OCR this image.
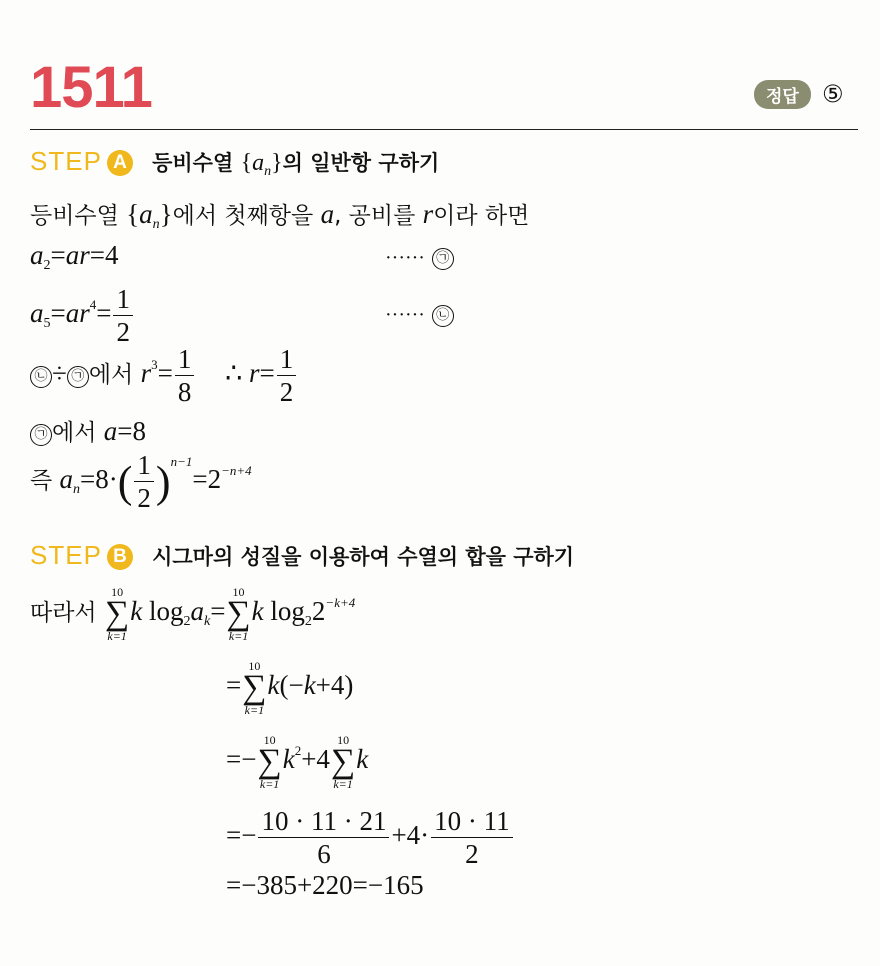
1511	정답 ⑤
STEP A 등비수열 $\{a_n\}$의 일반항 구하기
등비수열 $\{a_n\}$에서 첫째항을 a, 공비를 r이라 하면
$a_2=ar=4$	······ ㉠
$a_5=ar^4= \frac{1}{2}$	······ ㉡
㉡ ÷ ㉠ 에서 $r^3= \frac{1}{8}$ ∴ $r= \frac{1}{2}$
㉠ 에서 a=8
즉 $a_n=8\cdot( \frac{1}{2} )^{n-1}=2^{-n+4}$
STEP B 시그마의 성질을 이용하여 수열의 합을 구하기
따라서
10
∑
k=1
k $\log_2a_k=$
10
∑
k=1
k $\log_22^{-k+4}$
=
10
∑
k=1
k(−k+4)
=−
10
∑
k=1
$k^2+4$
10
∑
k=1
k
=− $\frac{10 \cdot 11 \cdot 21}{6} +4\cdot \frac{10 \cdot 11}{2}$
=−385+220=−165
